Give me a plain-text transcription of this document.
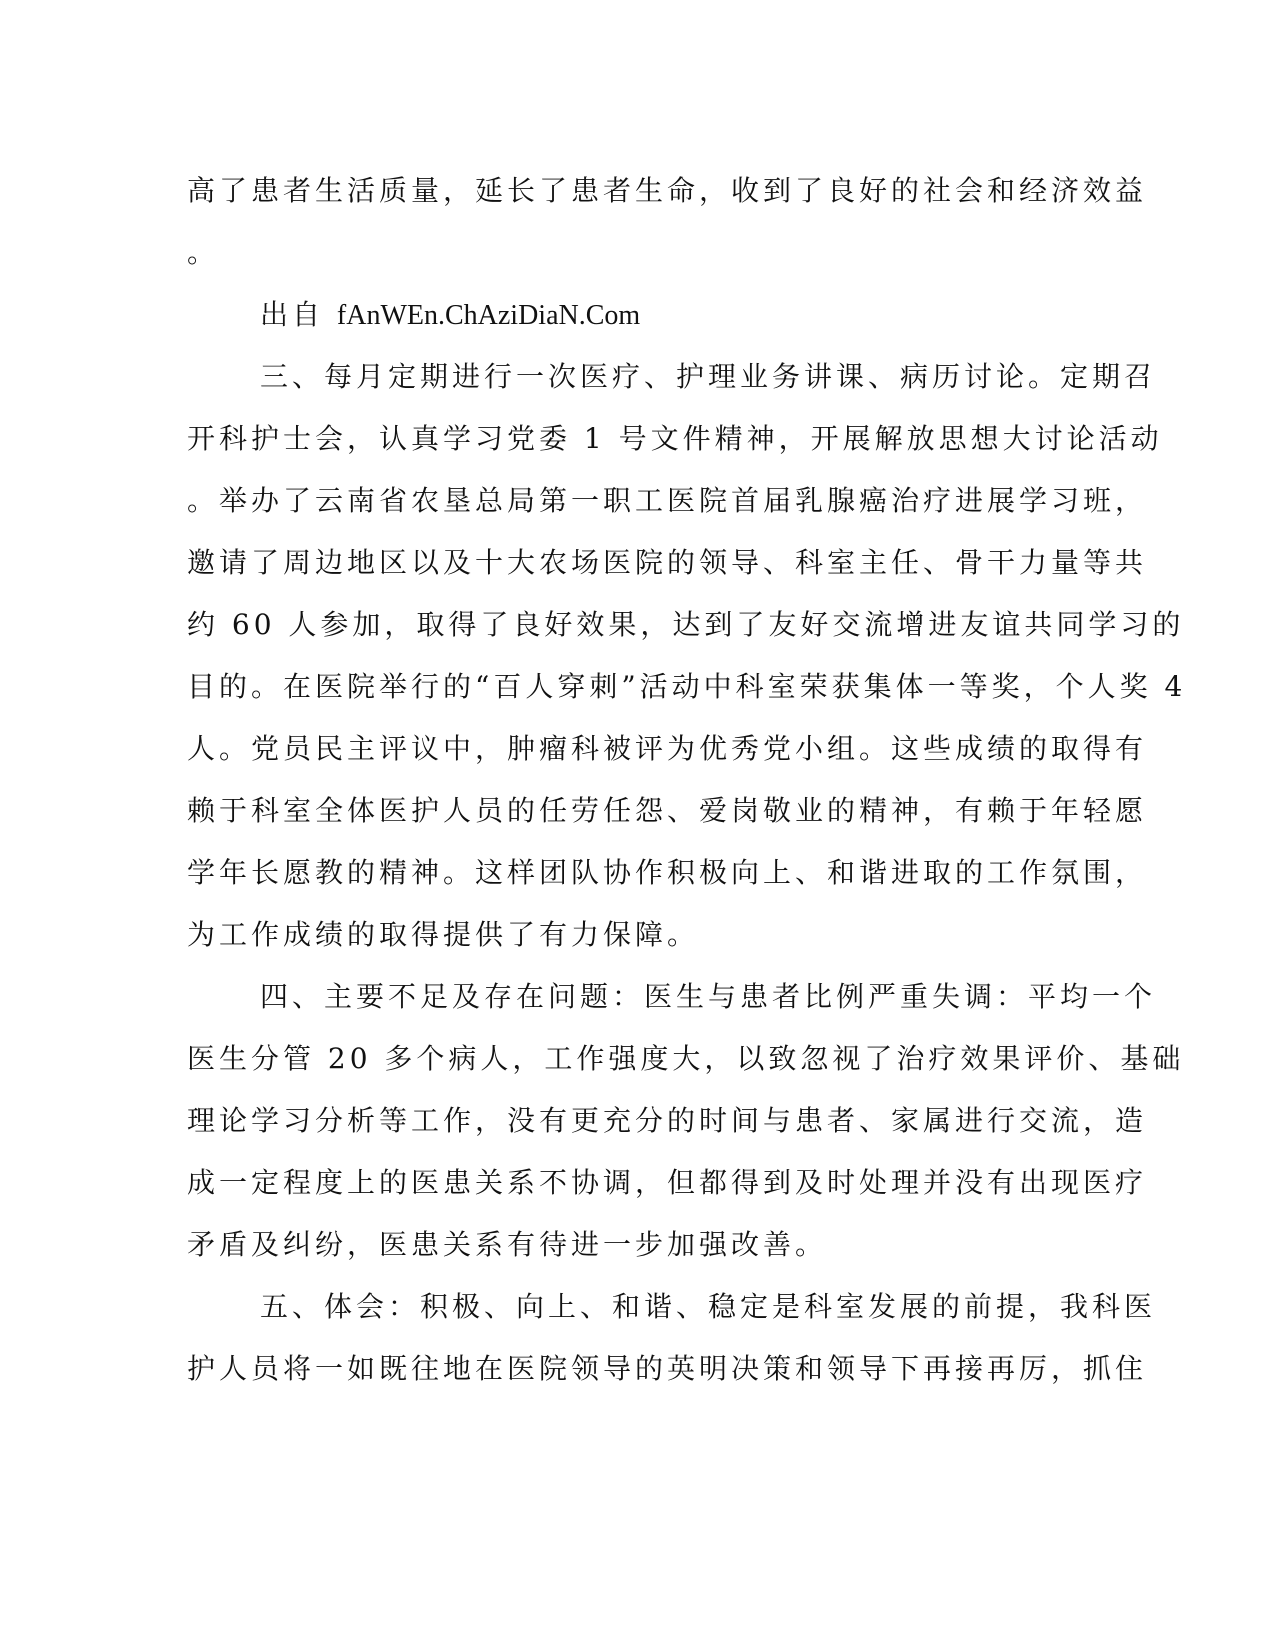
高了患者生活质量，延长了患者生命，收到了良好的社会和经济效益
。
出自 fAnWEn.ChAziDiaN.Com
三、每月定期进行一次医疗、护理业务讲课、病历讨论。定期召
开科护士会，认真学习党委 1 号文件精神，开展解放思想大讨论活动
。举办了云南省农垦总局第一职工医院首届乳腺癌治疗进展学习班，
邀请了周边地区以及十大农场医院的领导、科室主任、骨干力量等共
约 60 人参加，取得了良好效果，达到了友好交流增进友谊共同学习的
目的。在医院举行的“百人穿刺”活动中科室荣获集体一等奖，个人奖 4
人。党员民主评议中，肿瘤科被评为优秀党小组。这些成绩的取得有
赖于科室全体医护人员的任劳任怨、爱岗敬业的精神，有赖于年轻愿
学年长愿教的精神。这样团队协作积极向上、和谐进取的工作氛围，
为工作成绩的取得提供了有力保障。
四、主要不足及存在问题：医生与患者比例严重失调：平均一个
医生分管 20 多个病人，工作强度大，以致忽视了治疗效果评价、基础
理论学习分析等工作，没有更充分的时间与患者、家属进行交流，造
成一定程度上的医患关系不协调，但都得到及时处理并没有出现医疗
矛盾及纠纷，医患关系有待进一步加强改善。
五、体会：积极、向上、和谐、稳定是科室发展的前提，我科医
护人员将一如既往地在医院领导的英明决策和领导下再接再厉，抓住
